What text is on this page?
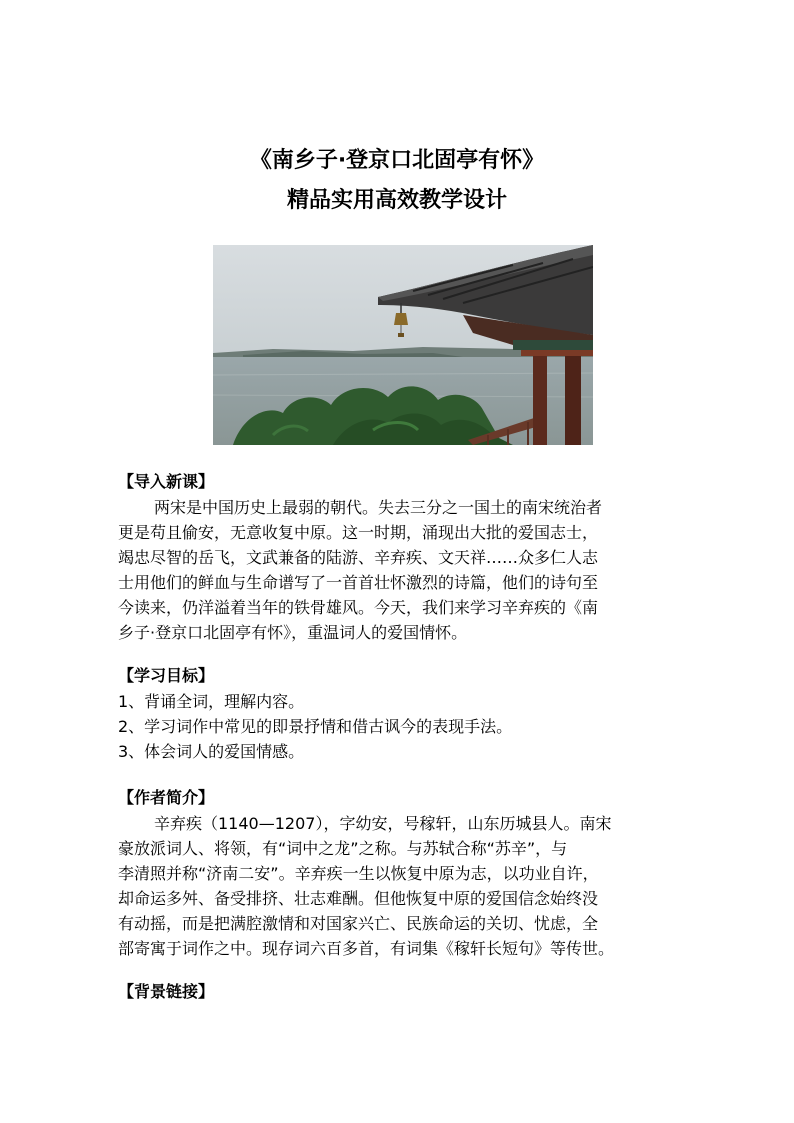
《南乡子·登京口北固亭有怀》
精品实用高效教学设计
【导入新课】
两宋是中国历史上最弱的朝代。失去三分之一国土的南宋统治者
更是苟且偷安，无意收复中原。这一时期，涌现出大批的爱国志士，
竭忠尽智的岳飞，文武兼备的陆游、辛弃疾、文天祥……众多仁人志
士用他们的鲜血与生命谱写了一首首壮怀激烈的诗篇，他们的诗句至
今读来，仍洋溢着当年的铁骨雄风。今天，我们来学习辛弃疾的《南
乡子·登京口北固亭有怀》，重温词人的爱国情怀。
【学习目标】
1、背诵全词，理解内容。
2、学习词作中常见的即景抒情和借古讽今的表现手法。
3、体会词人的爱国情感。
【作者简介】
辛弃疾（1140—1207），字幼安，号稼轩，山东历城县人。南宋
豪放派词人、将领，有“词中之龙”之称。与苏轼合称“苏辛”，与
李清照并称“济南二安”。辛弃疾一生以恢复中原为志，以功业自许，
却命运多舛、备受排挤、壮志难酬。但他恢复中原的爱国信念始终没
有动摇，而是把满腔激情和对国家兴亡、民族命运的关切、忧虑，全
部寄寓于词作之中。现存词六百多首，有词集《稼轩长短句》等传世。
【背景链接】
